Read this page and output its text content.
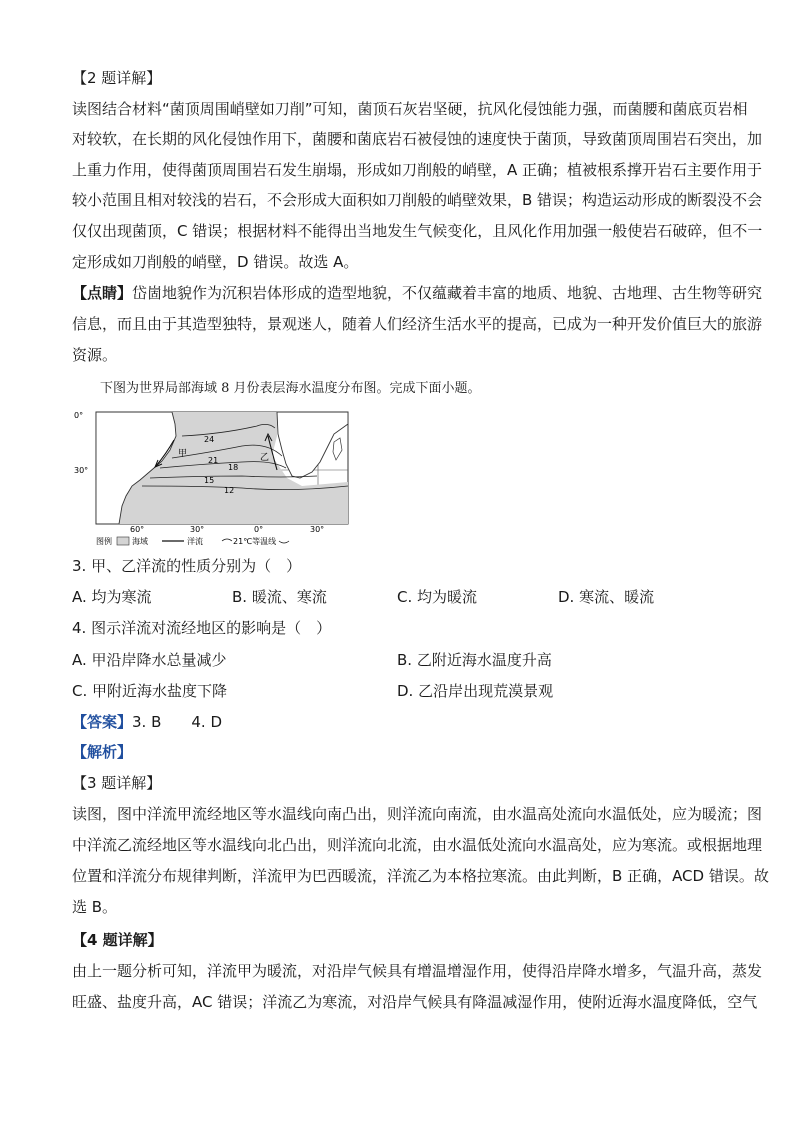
【2 题详解】
读图结合材料“菌顶周围峭壁如刀削”可知，菌顶石灰岩坚硬，抗风化侵蚀能力强，而菌腰和菌底页岩相
对较软，在长期的风化侵蚀作用下，菌腰和菌底岩石被侵蚀的速度快于菌顶，导致菌顶周围岩石突出，加
上重力作用，使得菌顶周围岩石发生崩塌，形成如刀削般的峭壁，A 正确；植被根系撑开岩石主要作用于
较小范围且相对较浅的岩石，不会形成大面积如刀削般的峭壁效果，B 错误；构造运动形成的断裂没不会
仅仅出现菌顶，C 错误；根据材料不能得出当地发生气候变化，且风化作用加强一般使岩石破碎，但不一
定形成如刀削般的峭壁，D 错误。故选 A。
【点睛】岱崮地貌作为沉积岩体形成的造型地貌，不仅蕴藏着丰富的地质、地貌、古地理、古生物等研究
信息，而且由于其造型独特，景观迷人，随着人们经济生活水平的提高，已成为一种开发价值巨大的旅游
资源。
下图为世界局部海域 8 月份表层海水温度分布图。完成下面小题。
0°
30°
60°	30°	0°	30°
24
21
18
15
12
甲	乙
图例	海域	洋流	21℃等温线
3. 甲、乙洋流的性质分别为（　）
A. 均为寒流	B. 暖流、寒流	C. 均为暖流	D. 寒流、暖流
4. 图示洋流对流经地区的影响是（　）
A. 甲沿岸降水总量减少	B. 乙附近海水温度升高
C. 甲附近海水盐度下降	D. 乙沿岸出现荒漠景观
【答案】3. B　　4. D
【解析】
【3 题详解】
读图，图中洋流甲流经地区等水温线向南凸出，则洋流向南流，由水温高处流向水温低处，应为暖流；图
中洋流乙流经地区等水温线向北凸出，则洋流向北流，由水温低处流向水温高处，应为寒流。或根据地理
位置和洋流分布规律判断，洋流甲为巴西暖流，洋流乙为本格拉寒流。由此判断，B 正确，ACD 错误。故
选 B。
【4 题详解】
由上一题分析可知，洋流甲为暖流，对沿岸气候具有增温增湿作用，使得沿岸降水增多，气温升高，蒸发
旺盛、盐度升高，AC 错误；洋流乙为寒流，对沿岸气候具有降温减湿作用，使附近海水温度降低，空气
